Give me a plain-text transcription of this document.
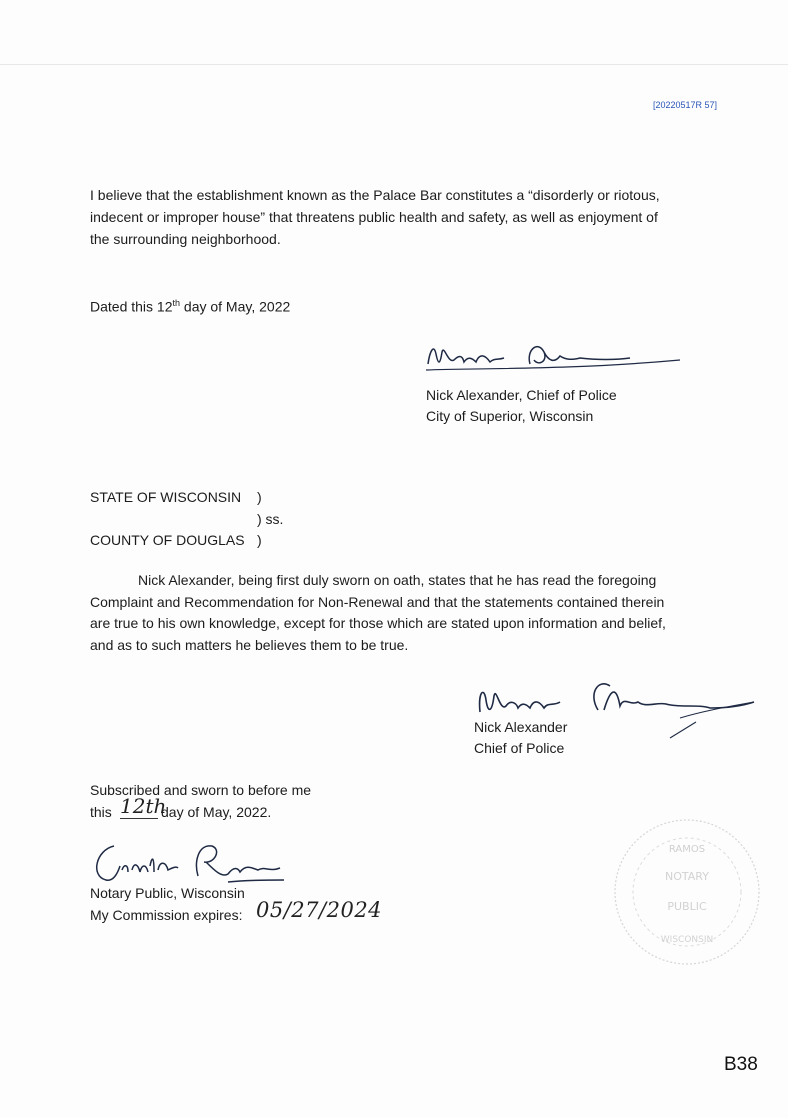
[20220517R 57]
I believe that the establishment known as the Palace Bar constitutes a “disorderly or riotous,
indecent or improper house” that threatens public health and safety, as well as enjoyment of
the surrounding neighborhood.
Dated this 12th day of May, 2022
Nick Alexander, Chief of Police
City of Superior, Wisconsin
STATE OF WISCONSIN )
) ss.
COUNTY OF DOUGLAS )
Nick Alexander, being first duly sworn on oath, states that he has read the foregoing
Complaint and Recommendation for Non-Renewal and that the statements contained therein
are true to his own knowledge, except for those which are stated upon information and belief,
and as to such matters he believes them to be true.
Nick Alexander
Chief of Police
Subscribed and sworn to before me
this 12th
day of May, 2022.
Notary Public, Wisconsin
My Commission expires: 05/27/2024
RAMOS
NOTARY
PUBLIC
WISCONSIN
B38
